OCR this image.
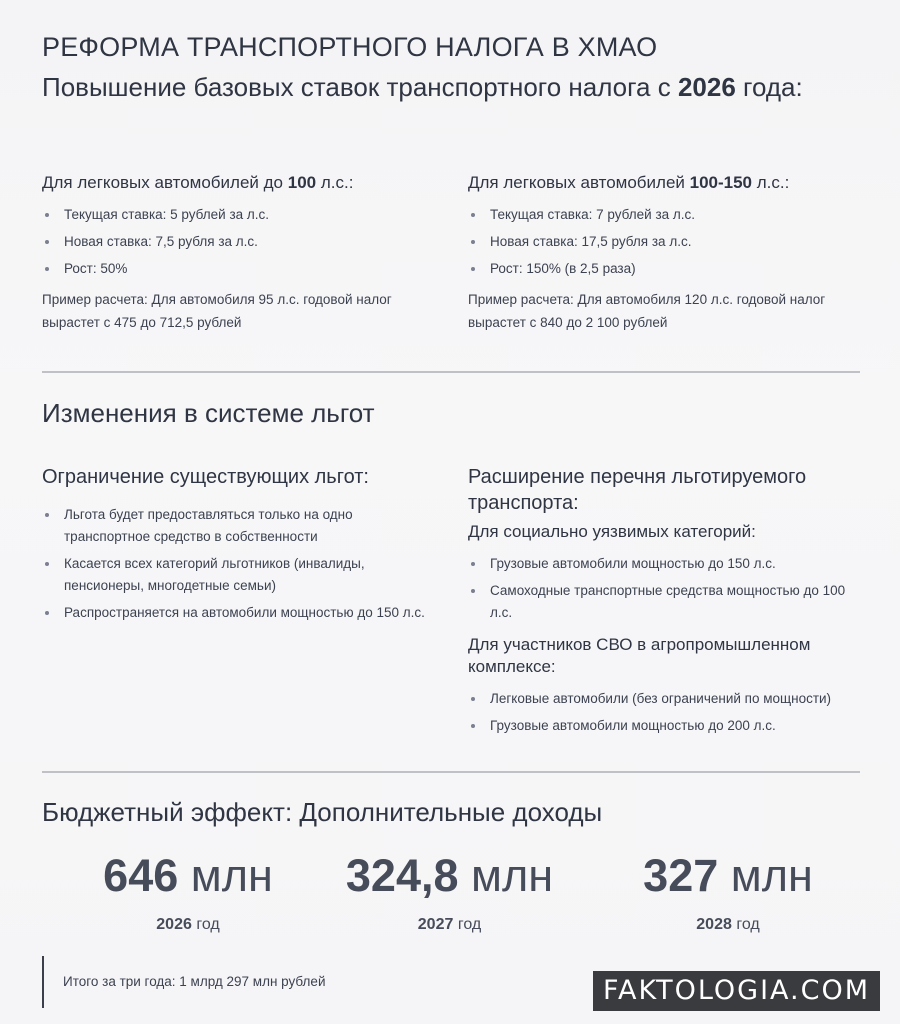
РЕФОРМА ТРАНСПОРТНОГО НАЛОГА В ХМАО
Повышение базовых ставок транспортного налога с 2026 года:
Для легковых автомобилей до 100 л.с.:
Текущая ставка: 5 рублей за л.с.
Новая ставка: 7,5 рубля за л.с.
Рост: 50%
Пример расчета: Для автомобиля 95 л.с. годовой налог вырастет с 475 до 712,5 рублей
Для легковых автомобилей 100-150 л.с.:
Текущая ставка: 7 рублей за л.с.
Новая ставка: 17,5 рубля за л.с.
Рост: 150% (в 2,5 раза)
Пример расчета: Для автомобиля 120 л.с. годовой налог вырастет с 840 до 2 100 рублей
Изменения в системе льгот
Ограничение существующих льгот:
Льгота будет предоставляться только на одно транспортное средство в собственности
Касается всех категорий льготников (инвалиды, пенсионеры, многодетные семьи)
Распространяется на автомобили мощностью до 150 л.с.
Расширение перечня льготируемого транспорта:
Для социально уязвимых категорий:
Грузовые автомобили мощностью до 150 л.с.
Самоходные транспортные средства мощностью до 100 л.с.
Для участников СВО в агропромышленном комплексе:
Легковые автомобили (без ограничений по мощности)
Грузовые автомобили мощностью до 200 л.с.
Бюджетный эффект: Дополнительные доходы
646 млн
2026 год
324,8 млн
2027 год
327 млн
2028 год
Итого за три года: 1 млрд 297 млн рублей	FAKTOLOGIA.COM
